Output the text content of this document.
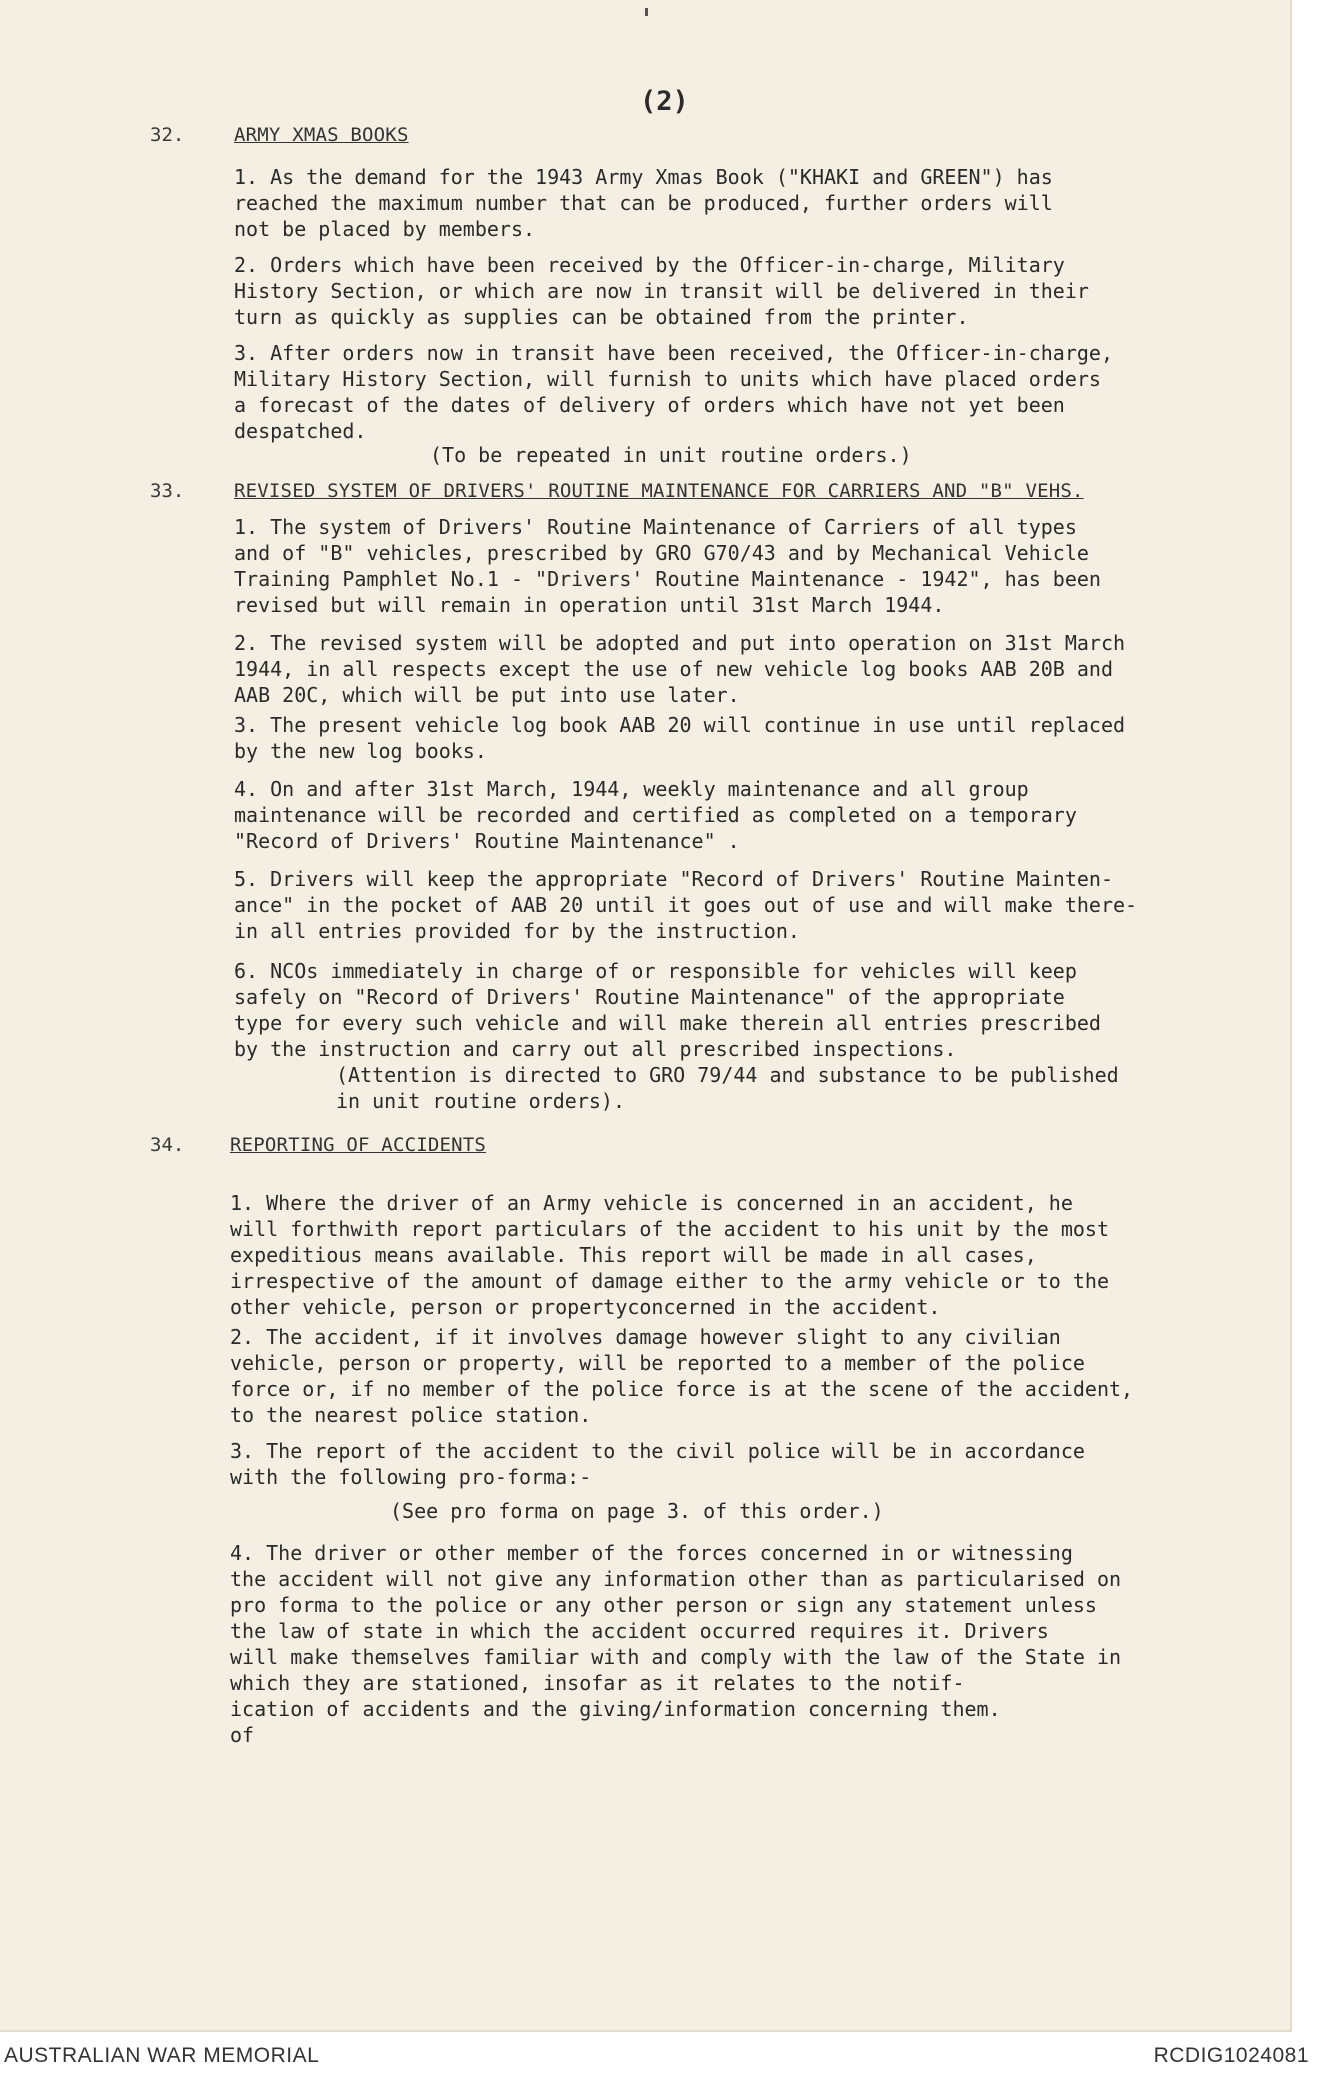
(2)
32.	ARMY XMAS BOOKS

1. As the demand for the 1943 Army Xmas Book ("KHAKI and GREEN") has
reached the maximum number that can be produced, further orders will
not be placed by members.

2. Orders which have been received by the Officer-in-charge, Military
History Section, or which are now in transit will be delivered in their
turn as quickly as supplies can be obtained from the printer.

3. After orders now in transit have been received, the Officer-in-charge,
Military History Section, will furnish to units which have placed orders
a forecast of the dates of delivery of orders which have not yet been
despatched.

(To be repeated in unit routine orders.)

33.	REVISED SYSTEM OF DRIVERS' ROUTINE MAINTENANCE FOR CARRIERS AND "B" VEHS.

1. The system of Drivers' Routine Maintenance of Carriers of all types
and of "B" vehicles, prescribed by GRO G70/43 and by Mechanical Vehicle
Training Pamphlet No.1 - "Drivers' Routine Maintenance - 1942", has been
revised but will remain in operation until 31st March 1944.

2. The revised system will be adopted and put into operation on 31st March
1944, in all respects except the use of new vehicle log books AAB 20B and
AAB 20C, which will be put into use later.

3. The present vehicle log book AAB 20 will continue in use until replaced
by the new log books.

4. On and after 31st March, 1944, weekly maintenance and all group
maintenance will be recorded and certified as completed on a temporary
"Record of Drivers' Routine Maintenance" .

5. Drivers will keep the appropriate "Record of Drivers' Routine Mainten-
ance" in the pocket of AAB 20 until it goes out of use and will make there-
in all entries provided for by the instruction.

6. NCOs immediately in charge of or responsible for vehicles will keep
safely on "Record of Drivers' Routine Maintenance" of the appropriate
type for every such vehicle and will make therein all entries prescribed
by the instruction and carry out all prescribed inspections.

(Attention is directed to GRO 79/44 and substance to be published
in unit routine orders).

34. REPORTING OF ACCIDENTS

1. Where the driver of an Army vehicle is concerned in an accident, he
will forthwith report particulars of the accident to his unit by the most
expeditious means available. This report will be made in all cases,
irrespective of the amount of damage either to the army vehicle or to the
other vehicle, person or propertyconcerned in the accident.

2. The accident, if it involves damage however slight to any civilian
vehicle, person or property, will be reported to a member of the police
force or, if no member of the police force is at the scene of the accident,
to the nearest police station.

3. The report of the accident to the civil police will be in accordance
with the following pro-forma:-

(See pro forma on page 3. of this order.)

4. The driver or other member of the forces concerned in or witnessing
the accident will not give any information other than as particularised on
pro forma to the police or any other person or sign any statement unless
the law of state in which the accident occurred requires it. Drivers
will make themselves familiar with and comply with the law of the State in
which they are stationed, insofar as it relates to the notif-
ication of accidents and the giving/information concerning them.
of

AUSTRALIAN WAR MEMORIAL	RCDIG1024081
